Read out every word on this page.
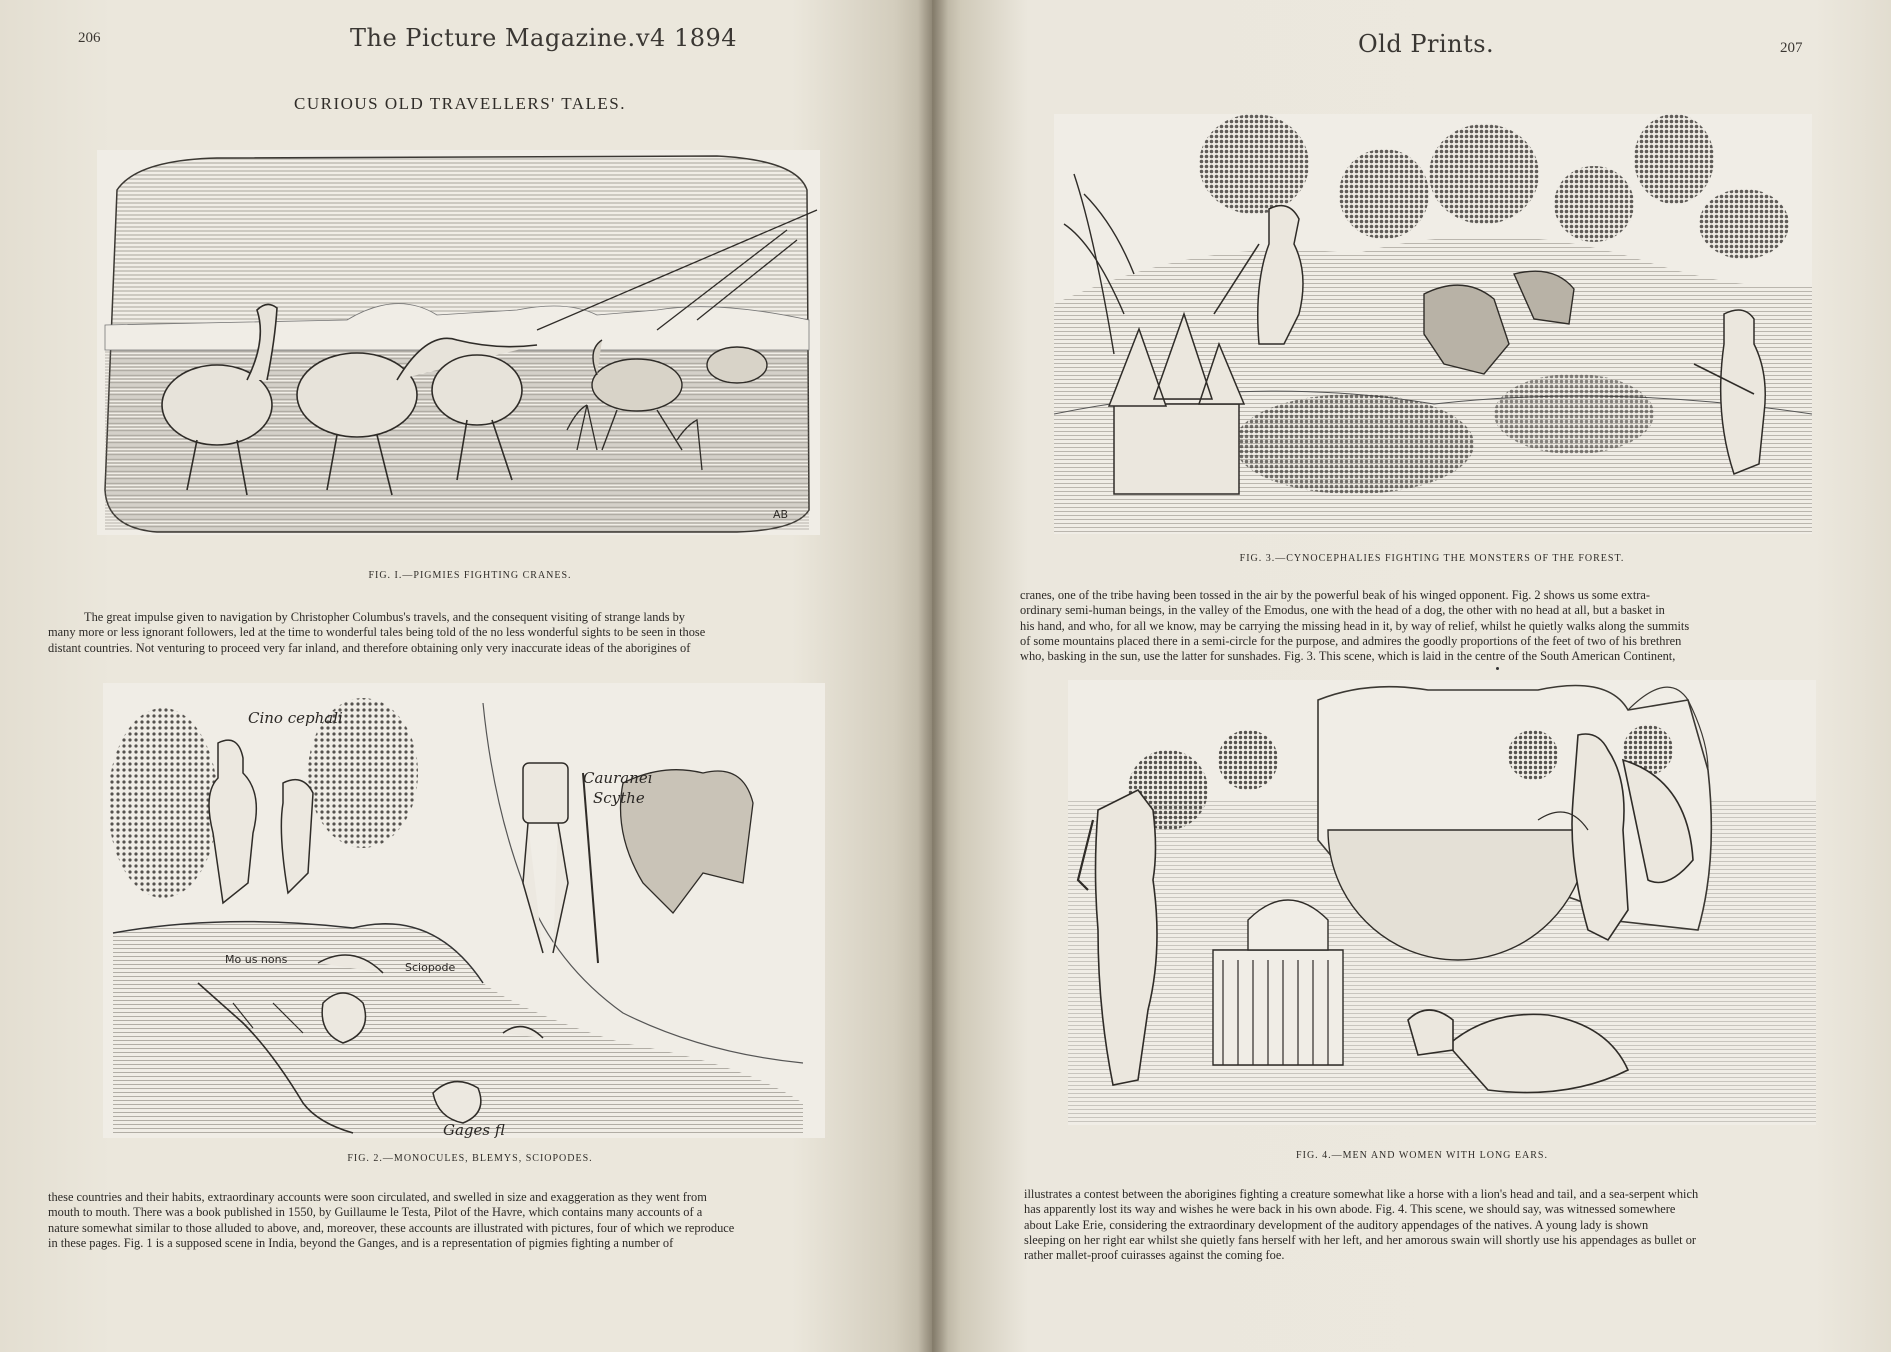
206	The Picture Magazine. v4 1894
CURIOUS OLD TRAVELLERS' TALES.
AB
FIG. I.—PIGMIES FIGHTING CRANES.
The great impulse given to navigation by Christopher Columbus's travels, and the consequent visiting of strange lands by
many more or less ignorant followers, led at the time to wonderful tales being told of the no less wonderful sights to be seen in those
distant countries. Not venturing to proceed very far inland, and therefore obtaining only very inaccurate ideas of the aborigines of
Cino cephali
Cauranei
Scythe
Gages fl
Mo us nons
Sciopode
FIG. 2.—MONOCULES, BLEMYS, SCIOPODES.
these countries and their habits, extraordinary accounts were soon circulated, and swelled in size and exaggeration as they went from
mouth to mouth. There was a book published in 1550, by Guillaume le Testa, Pilot of the Havre, which contains many accounts of a
nature somewhat similar to those alluded to above, and, moreover, these accounts are illustrated with pictures, four of which we reproduce
in these pages. Fig. 1 is a supposed scene in India, beyond the Ganges, and is a representation of pigmies fighting a number of
Old Prints.	207
FIG. 3.—CYNOCEPHALIES FIGHTING THE MONSTERS OF THE FOREST.
cranes, one of the tribe having been tossed in the air by the powerful beak of his winged opponent. Fig. 2 shows us some extra-
ordinary semi-human beings, in the valley of the Emodus, one with the head of a dog, the other with no head at all, but a basket in
his hand, and who, for all we know, may be carrying the missing head in it, by way of relief, whilst he quietly walks along the summits
of some mountains placed there in a semi-circle for the purpose, and admires the goodly proportions of the feet of two of his brethren
who, basking in the sun, use the latter for sunshades. Fig. 3. This scene, which is laid in the centre of the South American Continent,
FIG. 4.—MEN AND WOMEN WITH LONG EARS.
illustrates a contest between the aborigines fighting a creature somewhat like a horse with a lion's head and tail, and a sea-serpent which
has apparently lost its way and wishes he were back in his own abode. Fig. 4. This scene, we should say, was witnessed somewhere
about Lake Erie, considering the extraordinary development of the auditory appendages of the natives. A young lady is shown
sleeping on her right ear whilst she quietly fans herself with her left, and her amorous swain will shortly use his appendages as bullet or
rather mallet-proof cuirasses against the coming foe.
